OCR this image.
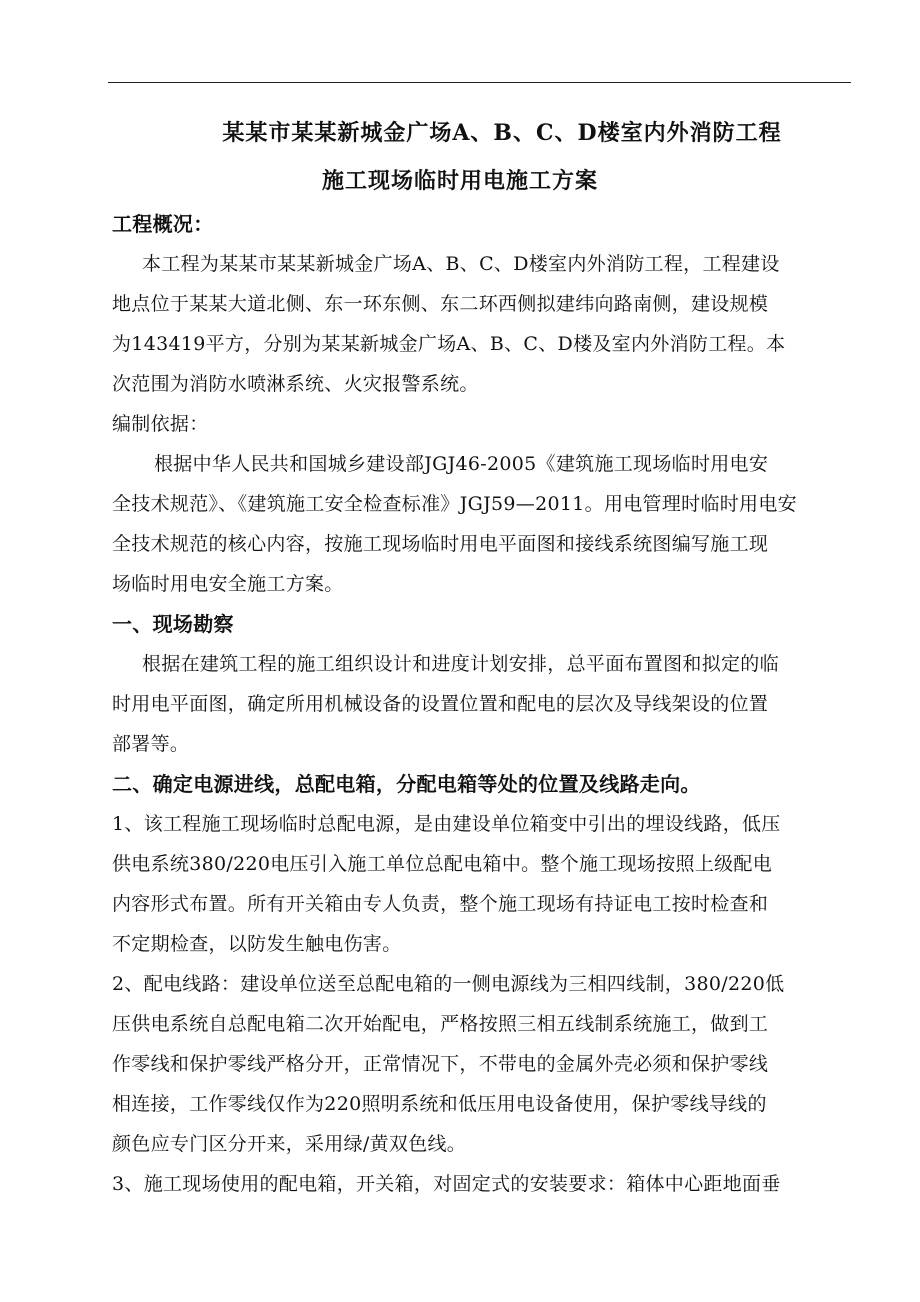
某某市某某新城金广场A、B、C、D楼室内外消防工程
施工现场临时用电施工方案
工程概况：
本工程为某某市某某新城金广场A、B、C、D楼室内外消防工程，工程建设
地点位于某某大道北侧、东一环东侧、东二环西侧拟建纬向路南侧，建设规模
为143419平方，分别为某某新城金广场A、B、C、D楼及室内外消防工程。本
次范围为消防水喷淋系统、火灾报警系统。
编制依据：
根据中华人民共和国城乡建设部JGJ46-2005《建筑施工现场临时用电安
全技术规范》、《建筑施工安全检查标准》JGJ59—2011。用电管理时临时用电安
全技术规范的核心内容，按施工现场临时用电平面图和接线系统图编写施工现
场临时用电安全施工方案。
一、现场勘察
根据在建筑工程的施工组织设计和进度计划安排，总平面布置图和拟定的临
时用电平面图，确定所用机械设备的设置位置和配电的层次及导线架设的位置
部署等。
二、确定电源进线，总配电箱，分配电箱等处的位置及线路走向。
1、该工程施工现场临时总配电源，是由建设单位箱变中引出的埋设线路，低压
供电系统380/220电压引入施工单位总配电箱中。整个施工现场按照上级配电
内容形式布置。所有开关箱由专人负责，整个施工现场有持证电工按时检查和
不定期检查，以防发生触电伤害。
2、配电线路：建设单位送至总配电箱的一侧电源线为三相四线制，380/220低
压供电系统自总配电箱二次开始配电，严格按照三相五线制系统施工，做到工
作零线和保护零线严格分开，正常情况下，不带电的金属外壳必须和保护零线
相连接，工作零线仅作为220照明系统和低压用电设备使用，保护零线导线的
颜色应专门区分开来，采用绿/黄双色线。
3、施工现场使用的配电箱，开关箱，对固定式的安装要求：箱体中心距地面垂
